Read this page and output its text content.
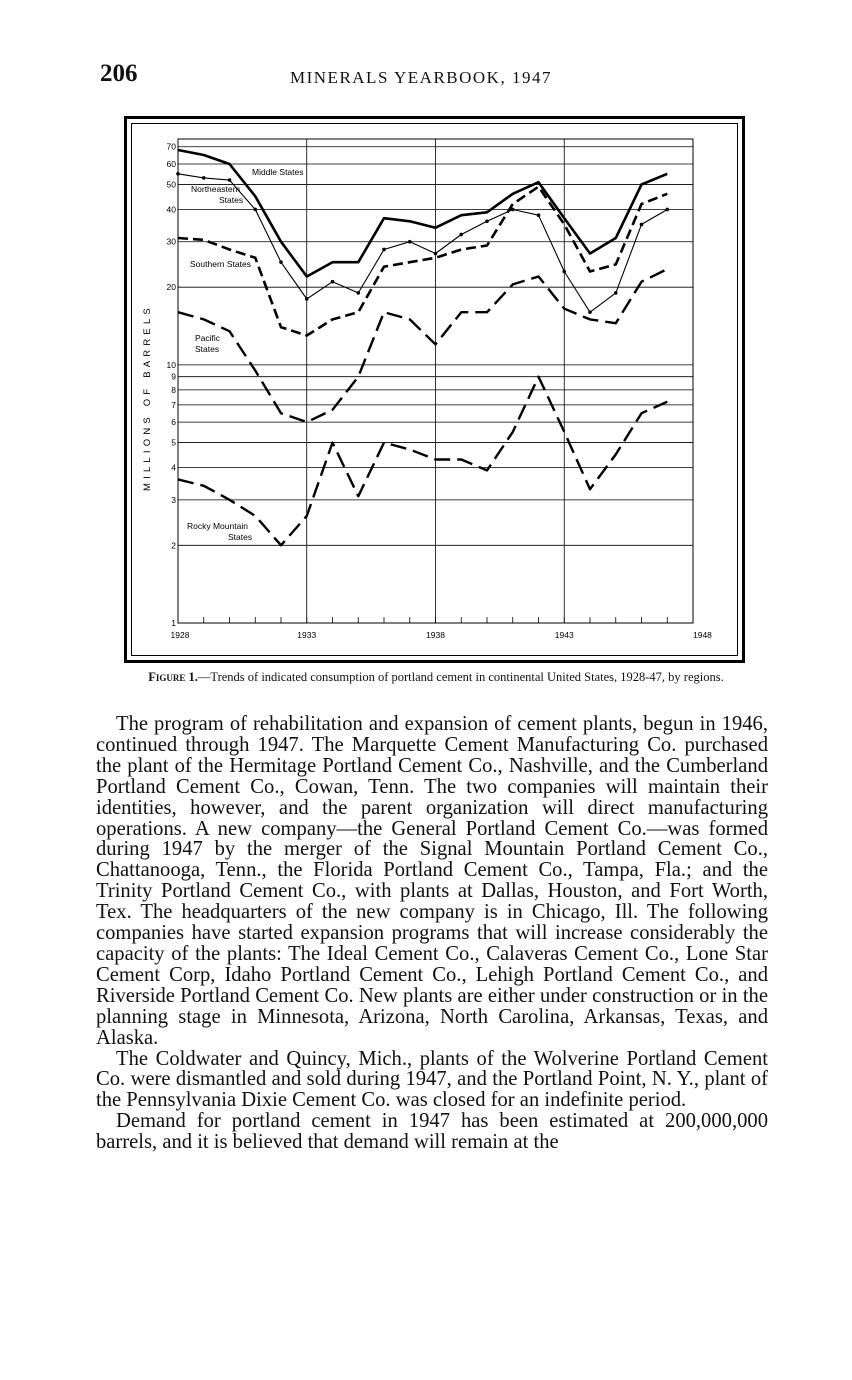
206	MINERALS YEARBOOK, 1947
1
2
3
4
5
6
7
8
9
10
20
30
40
50
60
70
1928	1933	1938	1943	1948
Middle States
Northeastern
States
Southern States
Pacific
States
Rocky Mountain
States
MILLIONS OF BARRELS
Figure 1.—Trends of indicated consumption of portland cement in continental United States, 1928-47, by regions.

The program of rehabilitation and expansion of cement plants, begun in 1946, continued through 1947. The Marquette Cement Manufacturing Co. purchased the plant of the Hermitage Portland Cement Co., Nashville, and the Cumberland Portland Cement Co., Cowan, Tenn. The two companies will maintain their identities, however, and the parent organization will direct manufacturing operations. A new company—the General Portland Cement Co.—was formed during 1947 by the merger of the Signal Mountain Portland Cement Co., Chattanooga, Tenn., the Florida Portland Cement Co., Tampa, Fla.; and the Trinity Portland Cement Co., with plants at Dallas, Houston, and Fort Worth, Tex. The headquarters of the new company is in Chicago, Ill. The following companies have started expansion programs that will increase considerably the capacity of the plants: The Ideal Cement Co., Calaveras Cement Co., Lone Star Cement Corp, Idaho Portland Cement Co., Lehigh Portland Cement Co., and Riverside Portland Cement Co. New plants are either under construction or in the planning stage in Minnesota, Arizona, North Carolina, Arkansas, Texas, and Alaska.

The Coldwater and Quincy, Mich., plants of the Wolverine Portland Cement Co. were dismantled and sold during 1947, and the Portland Point, N. Y., plant of the Pennsylvania Dixie Cement Co. was closed for an indefinite period.

Demand for portland cement in 1947 has been estimated at 200,000,000 barrels, and it is believed that demand will remain at the
